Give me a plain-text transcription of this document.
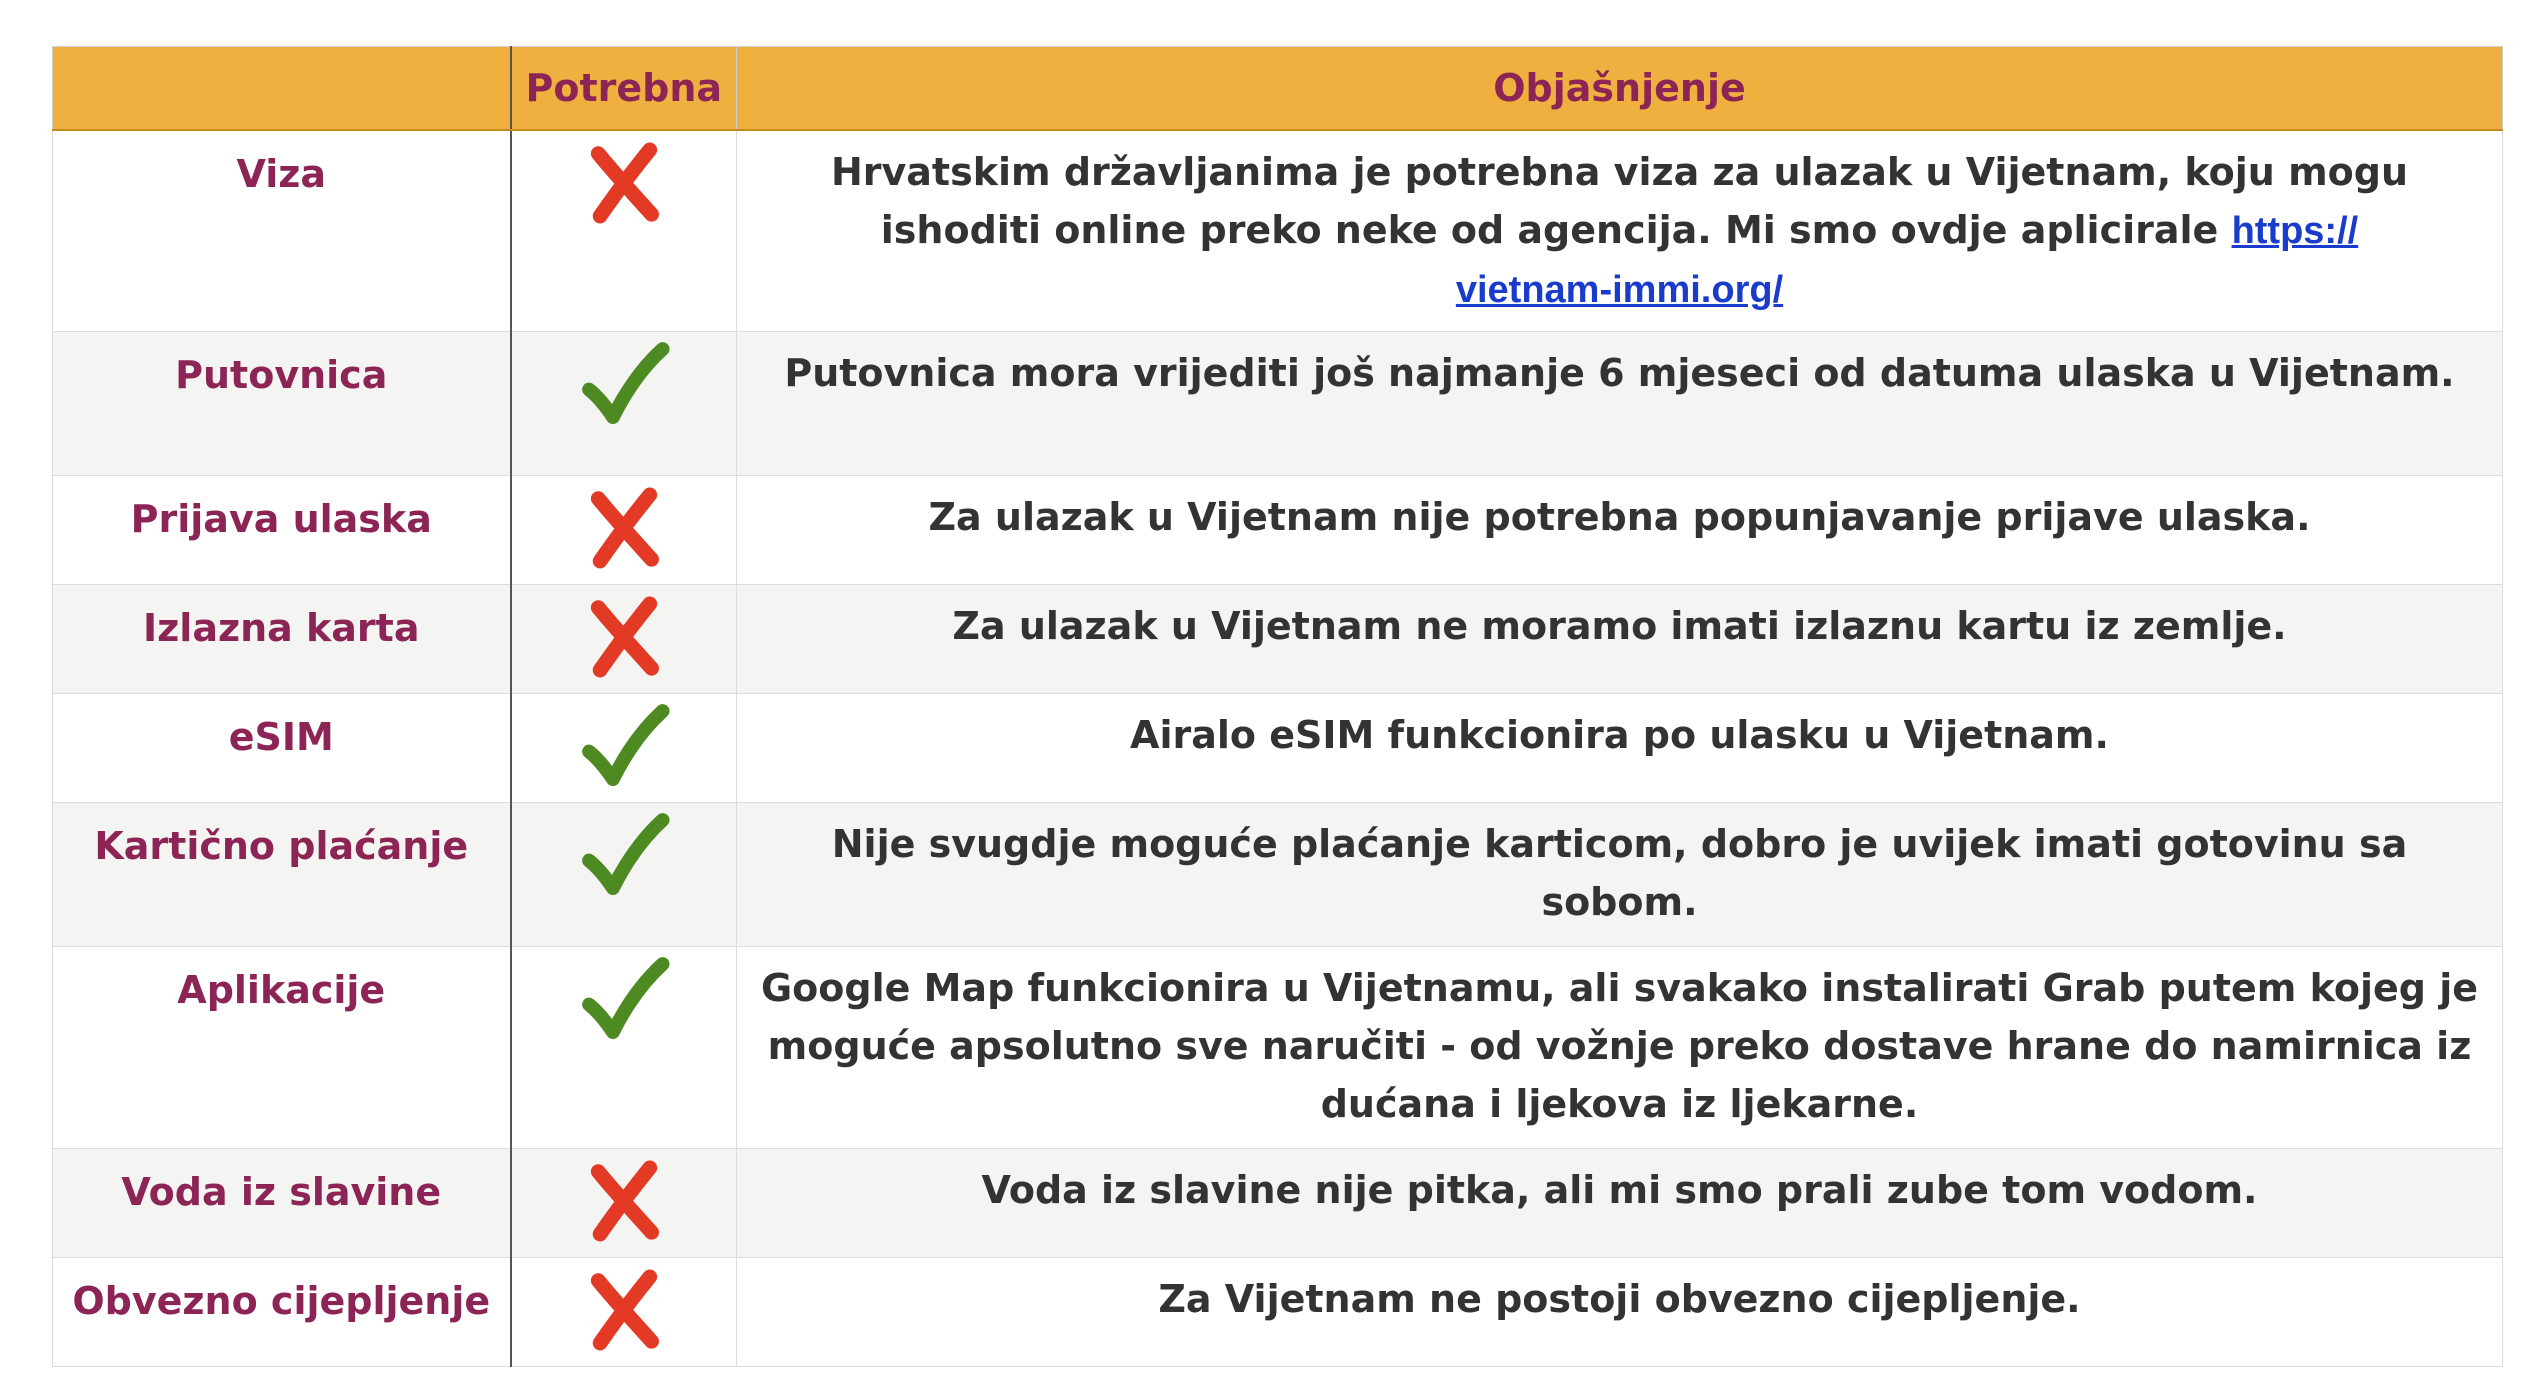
	Potrebna	Objašnjenje
Viza		Hrvatskim državljanima je potrebna viza za ulazak u Vijetnam, koju mogu ishoditi online preko neke od agencija. Mi smo ovdje aplicirale https://
vietnam-immi.org/
Putovnica		Putovnica mora vrijediti još najmanje 6 mjeseci od datuma ulaska u Vijetnam.
Prijava ulaska		Za ulazak u Vijetnam nije potrebna popunjavanje prijave ulaska.
Izlazna karta		Za ulazak u Vijetnam ne moramo imati izlaznu kartu iz zemlje.
eSIM		Airalo eSIM funkcionira po ulasku u Vijetnam.
Kartično plaćanje		Nije svugdje moguće plaćanje karticom, dobro je uvijek imati gotovinu sa sobom.
Aplikacije		Google Map funkcionira u Vijetnamu, ali svakako instalirati Grab putem kojeg je moguće apsolutno sve naručiti - od vožnje preko dostave hrane do namirnica iz dućana i ljekova iz ljekarne.
Voda iz slavine		Voda iz slavine nije pitka, ali mi smo prali zube tom vodom.
Obvezno cijepljenje		Za Vijetnam ne postoji obvezno cijepljenje.
